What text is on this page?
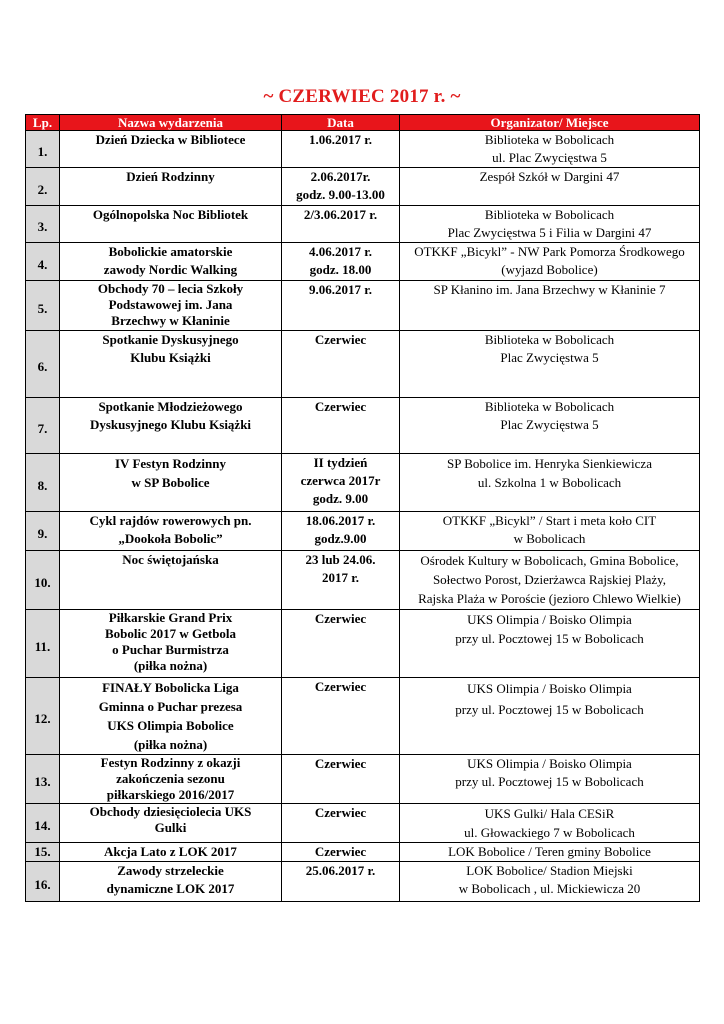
~ CZERWIEC 2017 r. ~
Lp.	Nazwa wydarzenia	Data	Organizator/ Miejsce
1.	Dzień Dziecka w Bibliotece	1.06.2017 r.	Biblioteka w Bobolicach
ul. Plac Zwycięstwa 5
2.	Dzień Rodzinny	2.06.2017r.
godz. 9.00-13.00	Zespół Szkół w Dargini 47
3.	Ogólnopolska Noc Bibliotek	2/3.06.2017 r.	Biblioteka w Bobolicach
Plac Zwycięstwa 5 i Filia w Dargini 47
4.	Bobolickie amatorskie
zawody Nordic Walking	4.06.2017 r.
godz. 18.00	OTKKF „Bicykl” - NW Park Pomorza Środkowego
(wyjazd Bobolice)
5.	Obchody 70 – lecia Szkoły
Podstawowej im. Jana
Brzechwy w Kłaninie	9.06.2017 r.	SP Kłanino im. Jana Brzechwy w Kłaninie 7
6.	Spotkanie Dyskusyjnego
Klubu Książki	Czerwiec	Biblioteka w Bobolicach
Plac Zwycięstwa 5
7.	Spotkanie Młodzieżowego
Dyskusyjnego Klubu Książki	Czerwiec	Biblioteka w Bobolicach
Plac Zwycięstwa 5
8.	IV Festyn Rodzinny
w SP Bobolice	II tydzień
czerwca 2017r
godz. 9.00	SP Bobolice im. Henryka Sienkiewicza
ul. Szkolna 1 w Bobolicach
9.	Cykl rajdów rowerowych pn.
„Dookoła Bobolic”	18.06.2017 r.
godz.9.00	OTKKF „Bicykl” / Start i meta koło CIT
w Bobolicach
10.	Noc świętojańska	23 lub 24.06.
2017 r.	Ośrodek Kultury w Bobolicach, Gmina Bobolice,
Sołectwo Porost, Dzierżawca Rajskiej Plaży,
Rajska Plaża w Poroście (jezioro Chlewo Wielkie)
11.	Piłkarskie Grand Prix
Bobolic 2017 w Getbola
o Puchar Burmistrza
(piłka nożna)	Czerwiec	UKS Olimpia / Boisko Olimpia
przy ul. Pocztowej 15 w Bobolicach
12.	FINAŁY Bobolicka Liga
Gminna o Puchar prezesa
UKS Olimpia Bobolice
(piłka nożna)	Czerwiec	UKS Olimpia / Boisko Olimpia
przy ul. Pocztowej 15 w Bobolicach
13.	Festyn Rodzinny z okazji
zakończenia sezonu
piłkarskiego 2016/2017	Czerwiec	UKS Olimpia / Boisko Olimpia
przy ul. Pocztowej 15 w Bobolicach
14.	Obchody dziesięciolecia UKS
Gulki	Czerwiec	UKS Gulki/ Hala CESiR
ul. Głowackiego 7 w Bobolicach
15.	Akcja Lato z LOK 2017	Czerwiec	LOK Bobolice / Teren gminy Bobolice
16.	Zawody strzeleckie
dynamiczne LOK 2017	25.06.2017 r.	LOK Bobolice/ Stadion Miejski
w Bobolicach , ul. Mickiewicza 20
